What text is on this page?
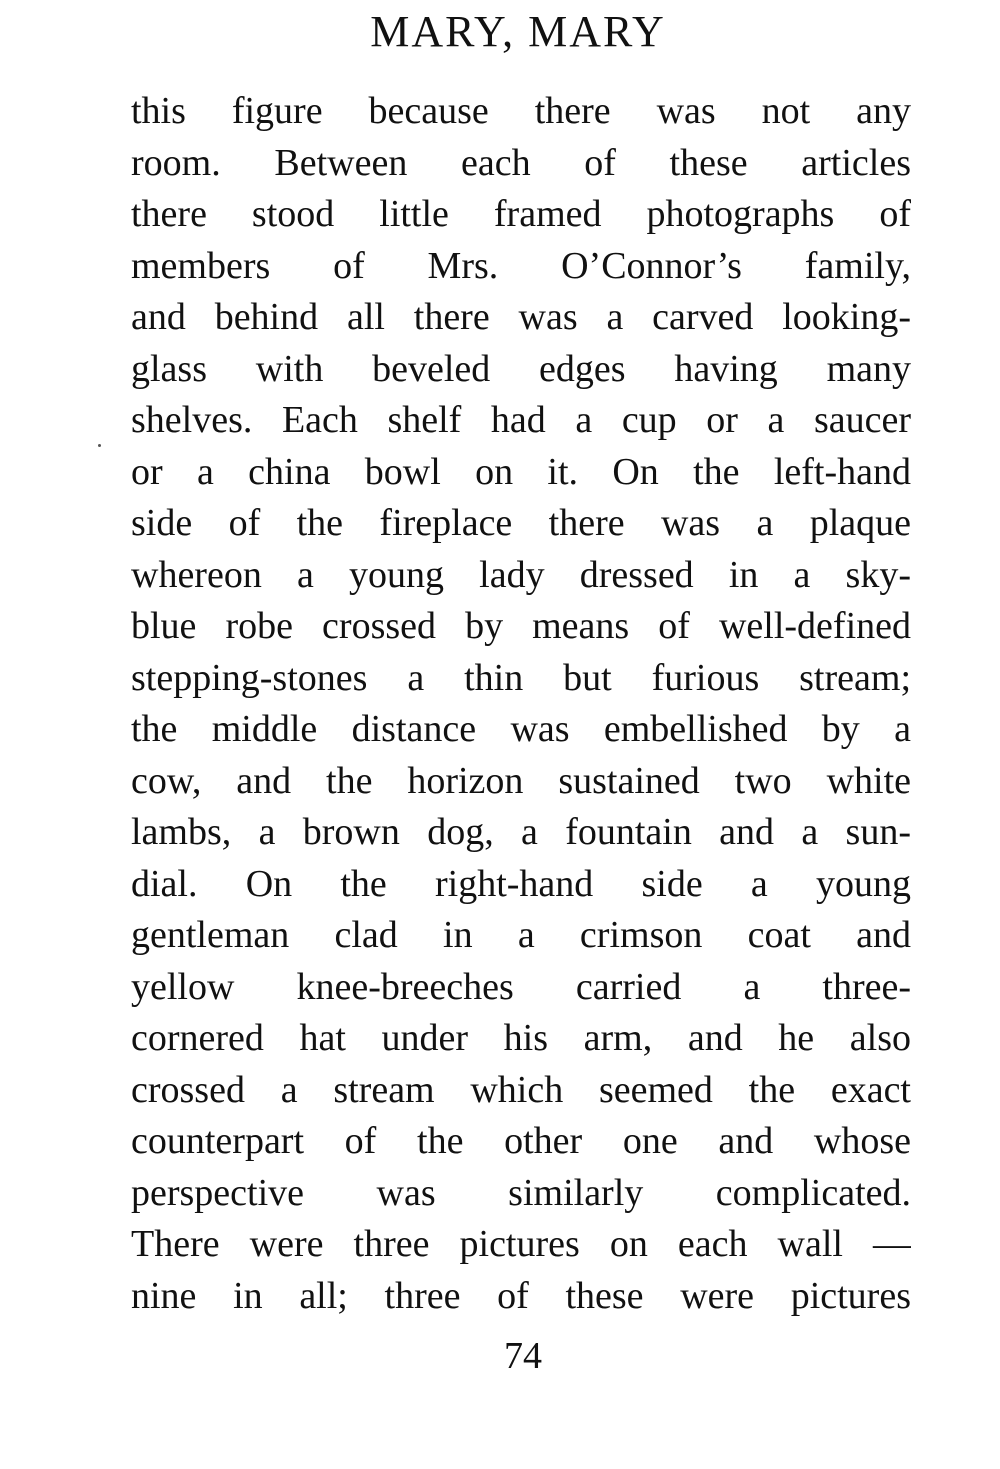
MARY, MARY
this figure because there was not any
room. Between each of these articles
there stood little framed photographs of
members of Mrs. O’Connor’s family,
and behind all there was a carved looking-
glass with beveled edges having many
shelves. Each shelf had a cup or a saucer
or a china bowl on it. On the left-hand
side of the fireplace there was a plaque
whereon a young lady dressed in a sky-
blue robe crossed by means of well-defined
stepping-stones a thin but furious stream;
the middle distance was embellished by a
cow, and the horizon sustained two white
lambs, a brown dog, a fountain and a sun-
dial. On the right-hand side a young
gentleman clad in a crimson coat and
yellow knee-breeches carried a three-
cornered hat under his arm, and he also
crossed a stream which seemed the exact
counterpart of the other one and whose
perspective was similarly complicated.
There were three pictures on each wall —
nine in all; three of these were pictures

74
